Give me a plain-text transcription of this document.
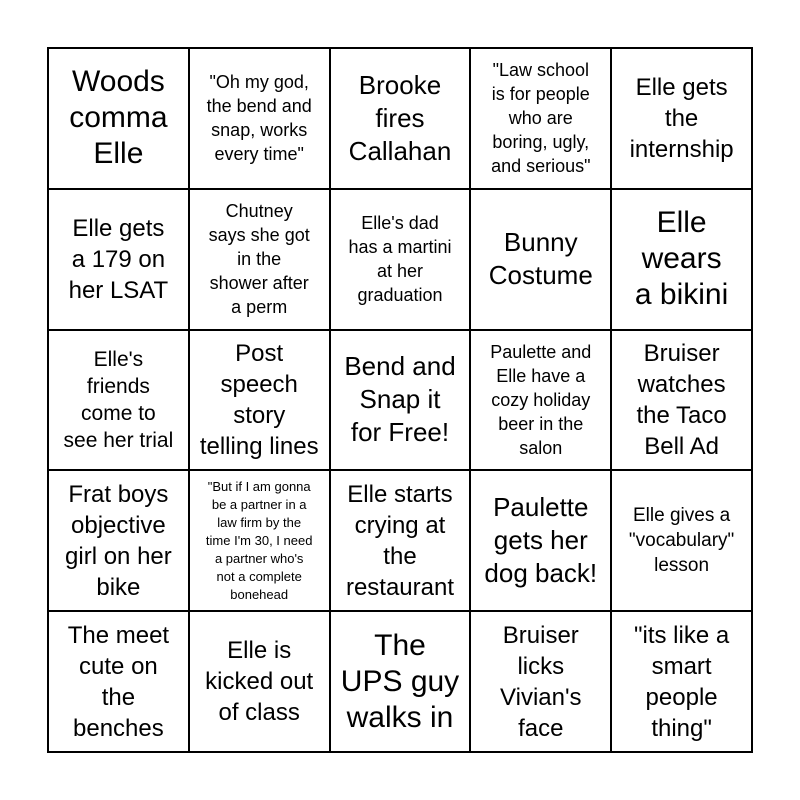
Woods
comma
Elle
"Oh my god,
the bend and
snap, works
every time"
Brooke
fires
Callahan
"Law school
is for people
who are
boring, ugly,
and serious"
Elle gets
the
internship
Elle gets
a 179 on
her LSAT
Chutney
says she got
in the
shower after
a perm
Elle's dad
has a martini
at her
graduation
Bunny
Costume
Elle
wears
a bikini
Elle's
friends
come to
see her trial
Post
speech
story
telling lines
Bend and
Snap it
for Free!
Paulette and
Elle have a
cozy holiday
beer in the
salon
Bruiser
watches
the Taco
Bell Ad
Frat boys
objective
girl on her
bike
"But if I am gonna
be a partner in a
law firm by the
time I'm 30, I need
a partner who's
not a complete
bonehead
Elle starts
crying at
the
restaurant
Paulette
gets her
dog back!
Elle gives a
"vocabulary"
lesson
The meet
cute on
the
benches
Elle is
kicked out
of class
The
UPS guy
walks in
Bruiser
licks
Vivian's
face
"its like a
smart
people
thing"
